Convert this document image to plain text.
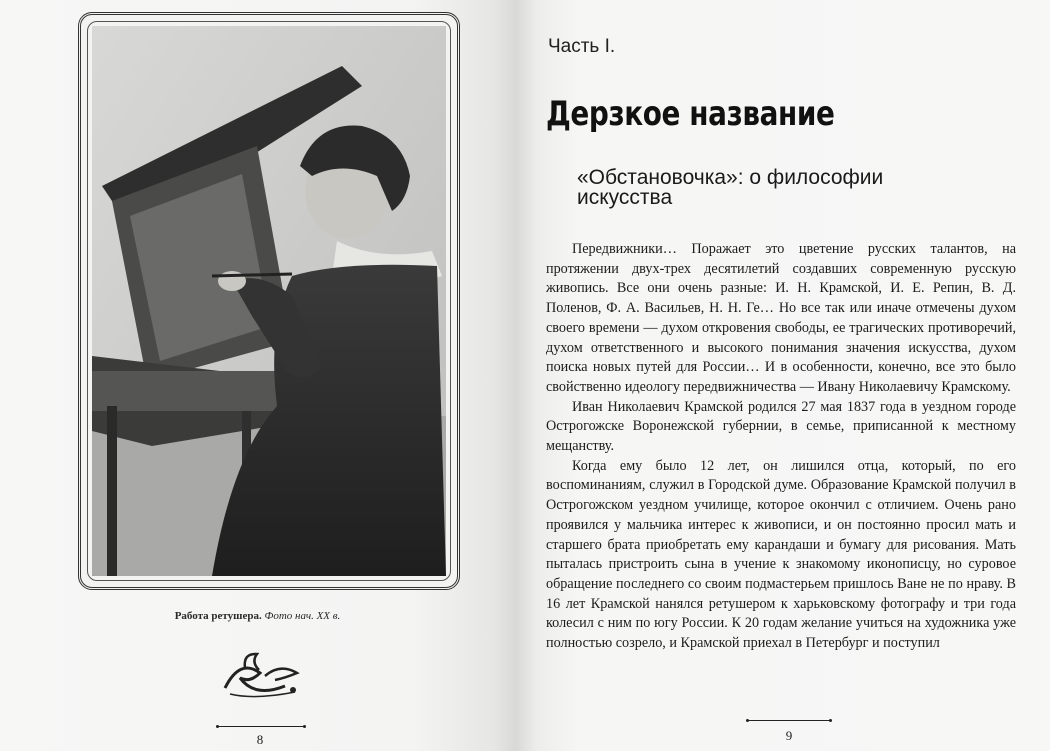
Работа ретушера. Фото нач. XX в.
8
Часть I.
Дерзкое название
«Обстановочка»: о философии
искусства

Передвижники… Поражает это цветение русских талантов, на протяжении двух-трех десятилетий создавших современную русскую живопись. Все они очень разные: И. Н. Крамской, И. Е. Репин, В. Д. Поленов, Ф. А. Васильев, Н. Н. Ге… Но все так или иначе отмечены духом своего времени — духом откровения свободы, ее трагических противоречий, духом ответственного и высокого понимания значения искусства, духом поиска новых путей для России… И в особенности, конечно, все это было свойственно идеологу передвижничества — Ивану Николаевичу Крамскому.

Иван Николаевич Крамской родился 27 мая 1837 года в уездном городе Острогожске Воронежской губернии, в семье, приписанной к местному мещанству.

Когда ему было 12 лет, он лишился отца, который, по его воспоминаниям, служил в Городской думе. Образование Крамской получил в Острогожском уездном училище, которое окончил с отличием. Очень рано проявился у мальчика интерес к живописи, и он постоянно просил мать и старшего брата приобретать ему карандаши и бумагу для рисования. Мать пыталась пристроить сына в учение к знакомому иконописцу, но суровое обращение последнего со своим подмастерьем пришлось Ване не по нраву. В 16 лет Крамской нанялся ретушером к харьковскому фотографу и три года колесил с ним по югу России. К 20 годам желание учиться на художника уже полностью созрело, и Крамской приехал в Петербург и поступил

9
